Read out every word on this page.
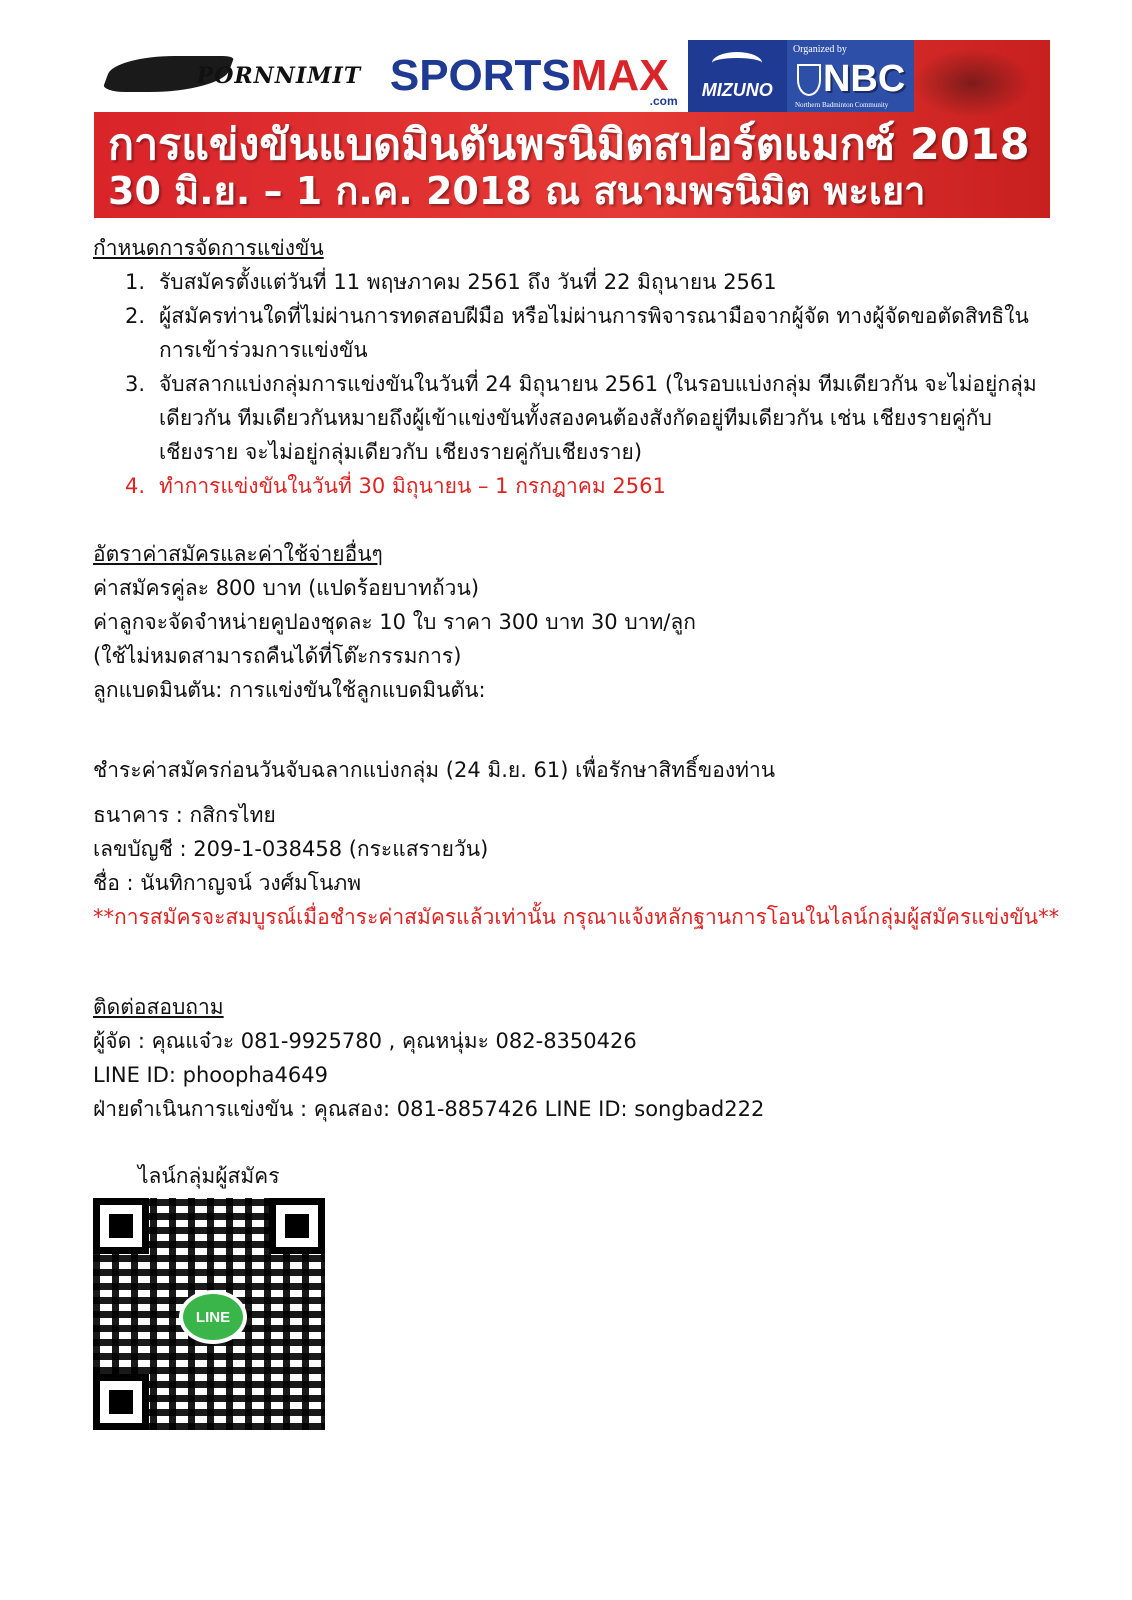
PORNNIMIT SPORTSMAX
.com
MIZUNO
Organized by
NBC
Northern Badminton Community
การแข่งขันแบดมินตันพรนิมิตสปอร์ตแมกซ์ 2018
30 มิ.ย. – 1 ก.ค. 2018 ณ สนามพรนิมิต พะเยา
กำหนดการจัดการแข่งขัน
1. รับสมัครตั้งแต่วันที่ 11 พฤษภาคม 2561 ถึง วันที่ 22 มิถุนายน 2561
2. ผู้สมัครท่านใดที่ไม่ผ่านการทดสอบฝีมือ หรือไม่ผ่านการพิจารณามือจากผู้จัด ทางผู้จัดขอตัดสิทธิใน การเข้าร่วมการแข่งขัน
3. จับสลากแบ่งกลุ่มการแข่งขันในวันที่ 24 มิถุนายน 2561 (ในรอบแบ่งกลุ่ม ทีมเดียวกัน จะไม่อยู่กลุ่ม เดียวกัน ทีมเดียวกันหมายถึงผู้เข้าแข่งขันทั้งสองคนต้องสังกัดอยู่ทีมเดียวกัน เช่น เชียงรายคู่กับเชียงราย จะไม่อยู่กลุ่มเดียวกับ เชียงรายคู่กับเชียงราย)
4. ทำการแข่งขันในวันที่ 30 มิถุนายน – 1 กรกฎาคม 2561
อัตราค่าสมัครและค่าใช้จ่ายอื่นๆ
ค่าสมัครคู่ละ 800 บาท (แปดร้อยบาทถ้วน)
ค่าลูกจะจัดจำหน่ายคูปองชุดละ 10 ใบ ราคา 300 บาท 30 บาท/ลูก
(ใช้ไม่หมดสามารถคืนได้ที่โต๊ะกรรมการ)
ลูกแบดมินตัน: การแข่งขันใช้ลูกแบดมินตัน:
ชำระค่าสมัครก่อนวันจับฉลากแบ่งกลุ่ม (24 มิ.ย. 61) เพื่อรักษาสิทธิ์ของท่าน
ธนาคาร : กสิกรไทย
เลขบัญชี : 209-1-038458 (กระแสรายวัน)
ชื่อ : นันทิกาญจน์ วงศ์มโนภพ
**การสมัครจะสมบูรณ์เมื่อชำระค่าสมัครแล้วเท่านั้น กรุณาแจ้งหลักฐานการโอนในไลน์กลุ่มผู้สมัครแข่งขัน**
ติดต่อสอบถาม
ผู้จัด : คุณแจ๋วะ 081-9925780 , คุณหนุ่มะ 082-8350426
LINE ID: phoopha4649
ฝ่ายดำเนินการแข่งขัน : คุณสอง: 081-8857426 LINE ID: songbad222
ไลน์กลุ่มผู้สมัคร
LINE
